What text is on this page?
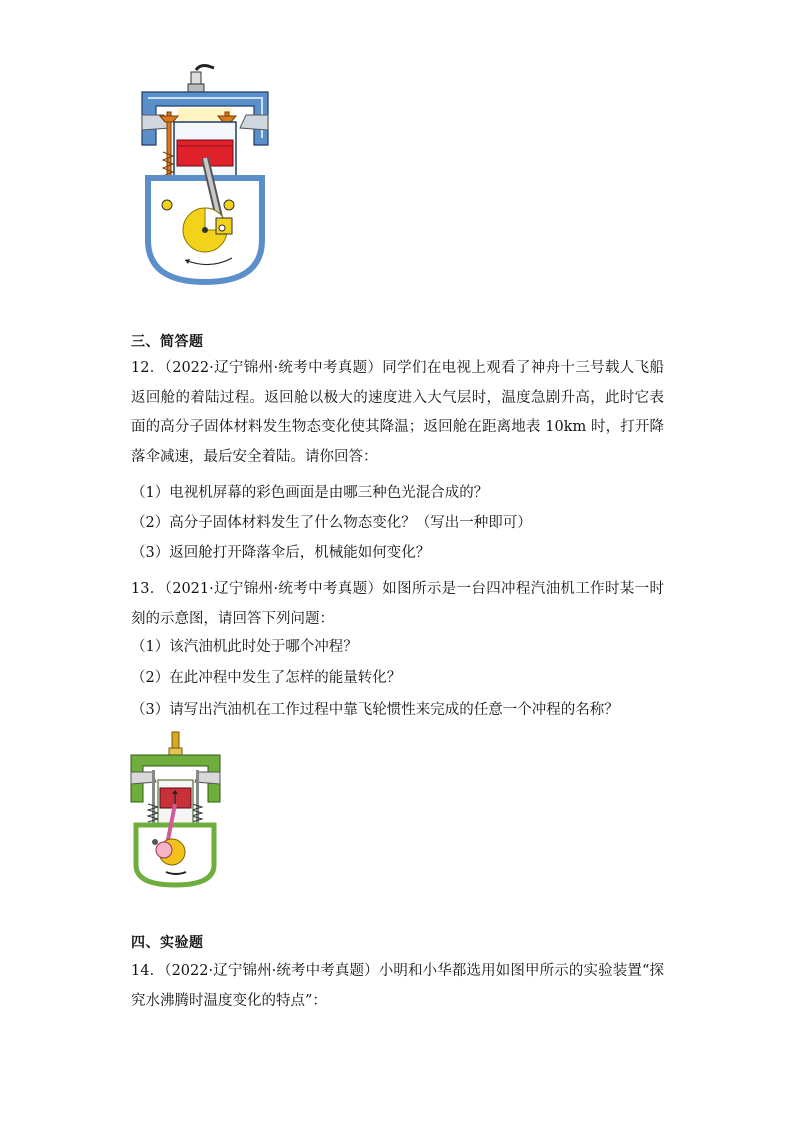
三、简答题
12．（2022·辽宁锦州·统考中考真题）同学们在电视上观看了神舟十三号载人飞船返回舱的着陆过程。返回舱以极大的速度进入大气层时，温度急剧升高，此时它表面的高分子固体材料发生物态变化使其降温；返回舱在距离地表 10km 时，打开降落伞减速，最后安全着陆。请你回答：
（1）电视机屏幕的彩色画面是由哪三种色光混合成的？
（2）高分子固体材料发生了什么物态变化？（写出一种即可）
（3）返回舱打开降落伞后，机械能如何变化？
13．（2021·辽宁锦州·统考中考真题）如图所示是一台四冲程汽油机工作时某一时刻的示意图，请回答下列问题：
（1）该汽油机此时处于哪个冲程？
（2）在此冲程中发生了怎样的能量转化？
（3）请写出汽油机在工作过程中靠飞轮惯性来完成的任意一个冲程的名称？
四、实验题
14．（2022·辽宁锦州·统考中考真题）小明和小华都选用如图甲所示的实验装置“探究水沸腾时温度变化的特点”：
